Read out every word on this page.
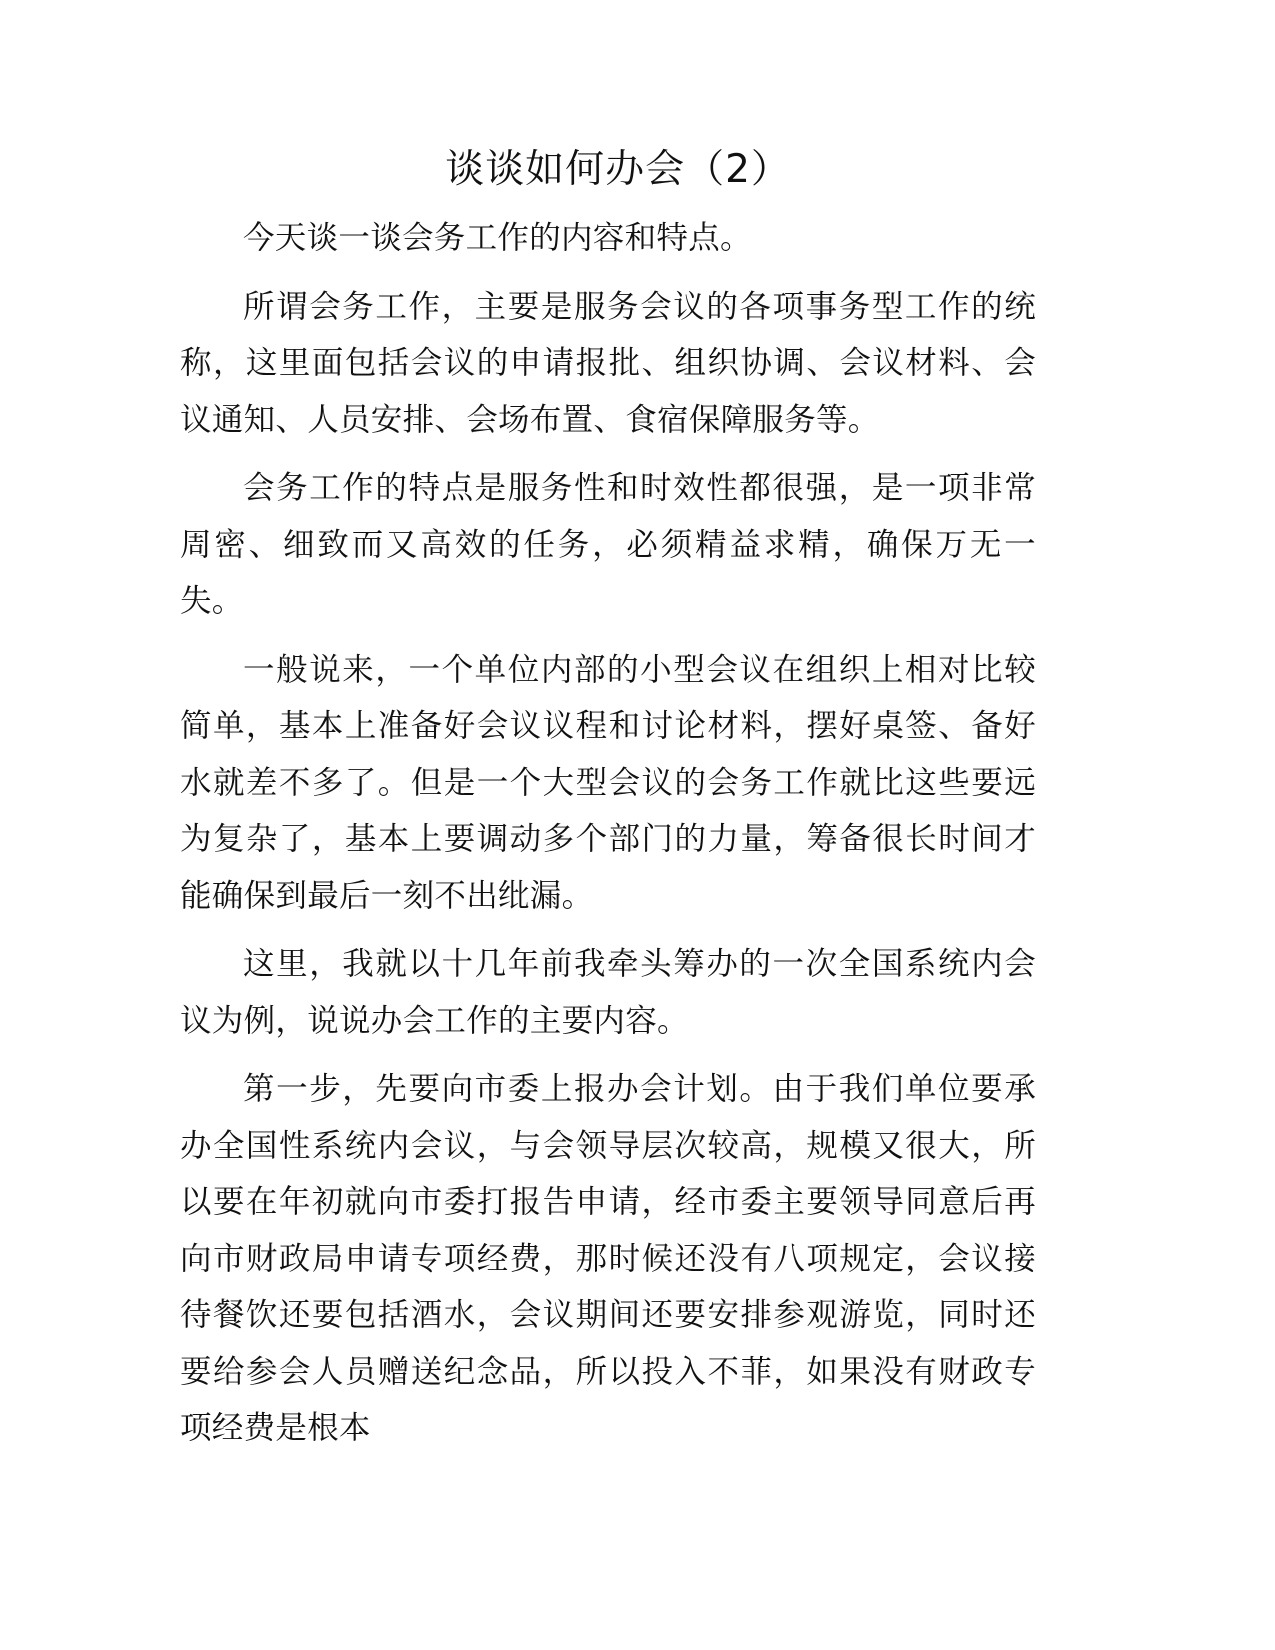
谈谈如何办会（2）

今天谈一谈会务工作的内容和特点。

所谓会务工作，主要是服务会议的各项事务型工作的统称，这里面包括会议的申请报批、组织协调、会议材料、会议通知、人员安排、会场布置、食宿保障服务等。

会务工作的特点是服务性和时效性都很强，是一项非常周密、细致而又高效的任务，必须精益求精，确保万无一失。

一般说来，一个单位内部的小型会议在组织上相对比较简单，基本上准备好会议议程和讨论材料，摆好桌签、备好水就差不多了。但是一个大型会议的会务工作就比这些要远为复杂了，基本上要调动多个部门的力量，筹备很长时间才能确保到最后一刻不出纰漏。

这里，我就以十几年前我牵头筹办的一次全国系统内会议为例，说说办会工作的主要内容。

第一步，先要向市委上报办会计划。由于我们单位要承办全国性系统内会议，与会领导层次较高，规模又很大，所以要在年初就向市委打报告申请，经市委主要领导同意后再向市财政局申请专项经费，那时候还没有八项规定，会议接待餐饮还要包括酒水，会议期间还要安排参观游览，同时还要给参会人员赠送纪念品，所以投入不菲，如果没有财政专项经费是根本
